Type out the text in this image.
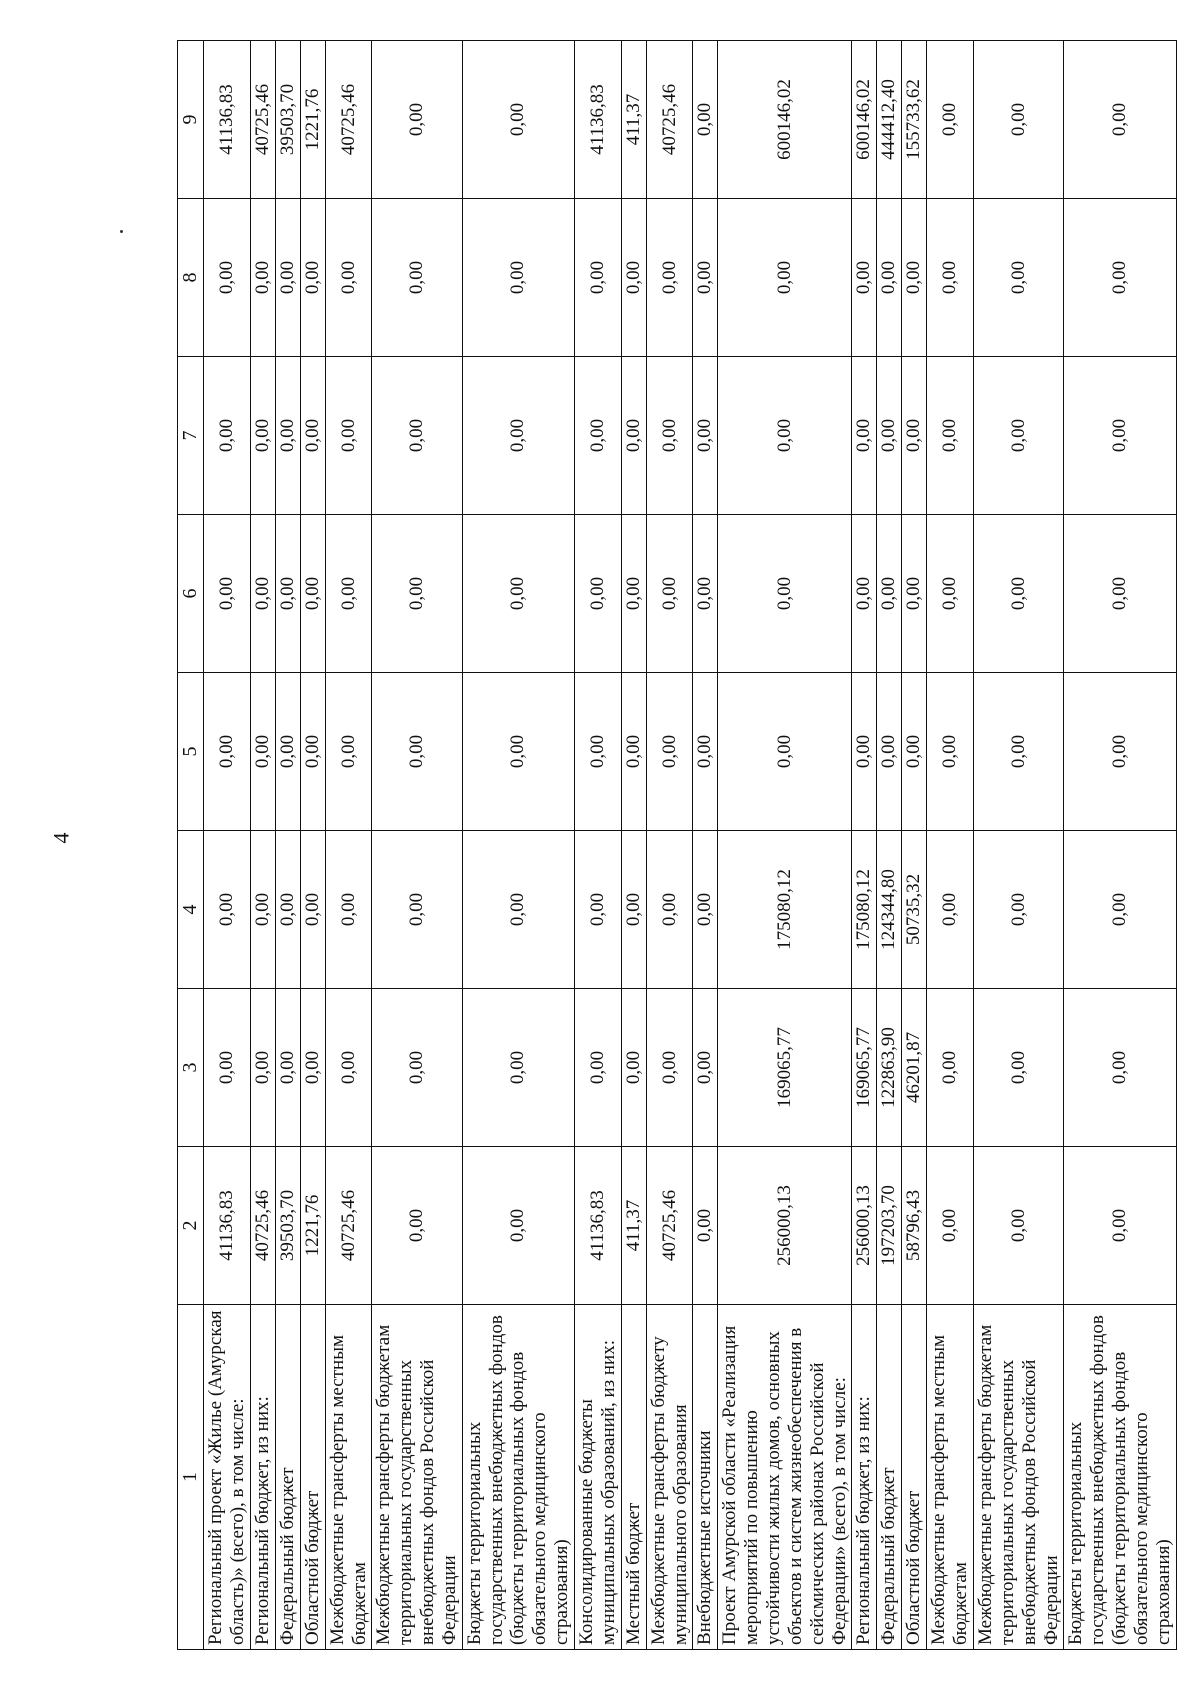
4
1	2	3	4	5	6	7	8	9
Региональный проект «Жилье (Амурская область)» (всего), в том числе:	41136,83	0,00	0,00	0,00	0,00	0,00	0,00	41136,83
Региональный бюджет, из них:	40725,46	0,00	0,00	0,00	0,00	0,00	0,00	40725,46
Федеральный бюджет	39503,70	0,00	0,00	0,00	0,00	0,00	0,00	39503,70
Областной бюджет	1221,76	0,00	0,00	0,00	0,00	0,00	0,00	1221,76
Межбюджетные трансферты местным бюджетам	40725,46	0,00	0,00	0,00	0,00	0,00	0,00	40725,46
Межбюджетные трансферты бюджетам территориальных государственных внебюджетных фондов Российской Федерации	0,00	0,00	0,00	0,00	0,00	0,00	0,00	0,00
Бюджеты территориальных государственных внебюджетных фондов (бюджеты территориальных фондов обязательного медицинского страхования)	0,00	0,00	0,00	0,00	0,00	0,00	0,00	0,00
Консолидированные бюджеты муниципальных образований, из них:	41136,83	0,00	0,00	0,00	0,00	0,00	0,00	41136,83
Местный бюджет	411,37	0,00	0,00	0,00	0,00	0,00	0,00	411,37
Межбюджетные трансферты бюджету муниципального образования	40725,46	0,00	0,00	0,00	0,00	0,00	0,00	40725,46
Внебюджетные источники	0,00	0,00	0,00	0,00	0,00	0,00	0,00	0,00
Проект Амурской области «Реализация мероприятий по повышению устойчивости жилых домов, основных объектов и систем жизнеобеспечения в сейсмических районах Российской Федерации» (всего), в том числе:	256000,13	169065,77	175080,12	0,00	0,00	0,00	0,00	600146,02
Региональный бюджет, из них:	256000,13	169065,77	175080,12	0,00	0,00	0,00	0,00	600146,02
Федеральный бюджет	197203,70	122863,90	124344,80	0,00	0,00	0,00	0,00	444412,40
Областной бюджет	58796,43	46201,87	50735,32	0,00	0,00	0,00	0,00	155733,62
Межбюджетные трансферты местным бюджетам	0,00	0,00	0,00	0,00	0,00	0,00	0,00	0,00
Межбюджетные трансферты бюджетам территориальных государственных внебюджетных фондов Российской Федерации	0,00	0,00	0,00	0,00	0,00	0,00	0,00	0,00
Бюджеты территориальных государственных внебюджетных фондов (бюджеты территориальных фондов обязательного медицинского страхования)	0,00	0,00	0,00	0,00	0,00	0,00	0,00	0,00
